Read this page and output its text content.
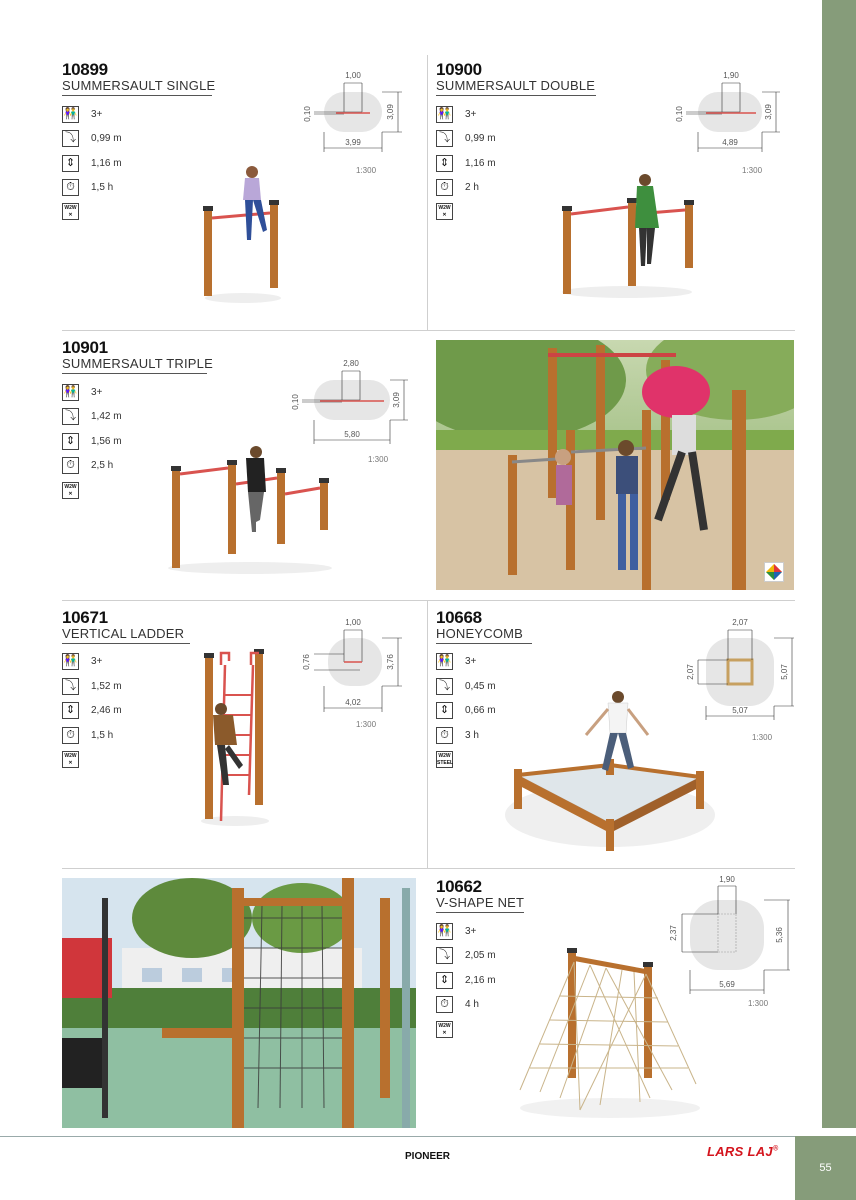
55
10899
SUMMERSAULT SINGLE
👫 3+
⤵	0,99 m
⇕	1,16 m
⏱	1,5 h
W2W
✕
1,00
0,10	3,09
3,99
1:300
10900
SUMMERSAULT DOUBLE
👫 3+
⤵	0,99 m
⇕	1,16 m
⏱	2 h
W2W
✕
1,90
0,10	3,09
4,89
1:300
10901
SUMMERSAULT TRIPLE
👫 3+
⤵	1,42 m
⇕	1,56 m
⏱	2,5 h
W2W
✕
2,80
0,10	3,09
5,80
1:300
10671
VERTICAL LADDER
👫 3+
⤵	1,52 m
⇕	2,46 m
⏱	1,5 h
W2W
✕
1,00
0,76	3,76
4,02
1:300
10668
HONEYCOMB
👫 3+
⤵	0,45 m
⇕	0,66 m
⏱	3 h
W2W
STEEL
2,07
2,07	5,07
5,07
1:300
10662
V-SHAPE NET
👫 3+
⤵	2,05 m
⇕	2,16 m
⏱	4 h
W2W
✕
1,90
2,37	5,36
5,69
1:300
PIONEER	LARS LAJ®
